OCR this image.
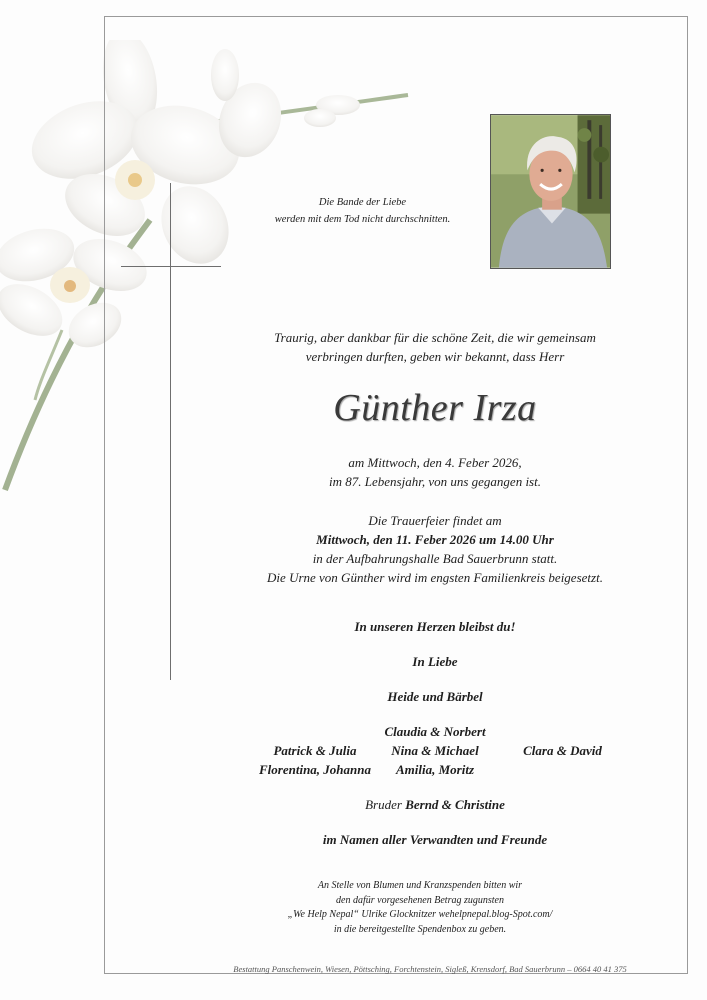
Die Bande der Liebe
werden mit dem Tod nicht durchschnitten.
Traurig, aber dankbar für die schöne Zeit, die wir gemeinsam
verbringen durften, geben wir bekannt, dass Herr
Günther Irza
am Mittwoch, den 4. Feber 2026,
im 87. Lebensjahr, von uns gegangen ist.
Die Trauerfeier findet am
Mittwoch, den 11. Feber 2026 um 14.00 Uhr
in der Aufbahrungshalle Bad Sauerbrunn statt.
Die Urne von Günther wird im engsten Familienkreis beigesetzt.
In unseren Herzen bleibst du!
In Liebe
Heide und Bärbel
Claudia & Norbert
Nina & Michael
Amilia, Moritz
Patrick & Julia
Florentina, Johanna
Clara & David
Bruder Bernd & Christine
im Namen aller Verwandten und Freunde
An Stelle von Blumen und Kranzspenden bitten wir
den dafür vorgesehenen Betrag zugunsten
„We Help Nepal“ Ulrike Glocknitzer wehelpnepal.blog-Spot.com/
in die bereitgestellte Spendenbox zu geben.
Bestattung Panschenwein, Wiesen, Pöttsching, Forchtenstein, Sigleß, Krensdorf, Bad Sauerbrunn – 0664 40 41 375
